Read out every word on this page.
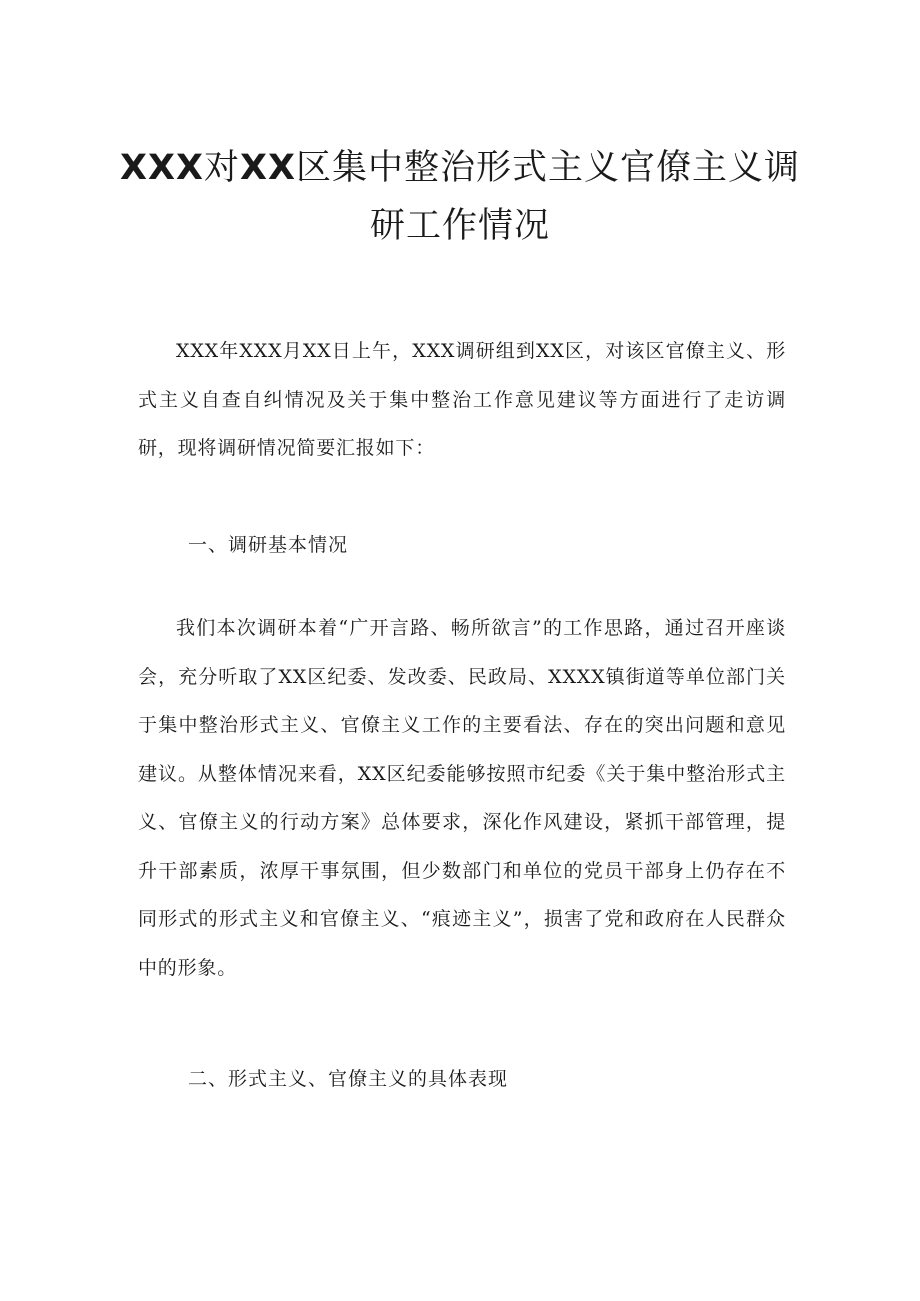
XXX对XX区集中整治形式主义官僚主义调
研工作情况

XXX年XXX月XX日上午，XXX调研组到XX区，对该区官僚主义、形式主义自查自纠情况及关于集中整治工作意见建议等方面进行了走访调研，现将调研情况简要汇报如下：

一、调研基本情况

我们本次调研本着“广开言路、畅所欲言”的工作思路，通过召开座谈会，充分听取了XX区纪委、发改委、民政局、XXXX镇街道等单位部门关于集中整治形式主义、官僚主义工作的主要看法、存在的突出问题和意见建议。从整体情况来看，XX区纪委能够按照市纪委《关于集中整治形式主义、官僚主义的行动方案》总体要求，深化作风建设，紧抓干部管理，提升干部素质，浓厚干事氛围，但少数部门和单位的党员干部身上仍存在不同形式的形式主义和官僚主义、“痕迹主义”，损害了党和政府在人民群众中的形象。

二、形式主义、官僚主义的具体表现
